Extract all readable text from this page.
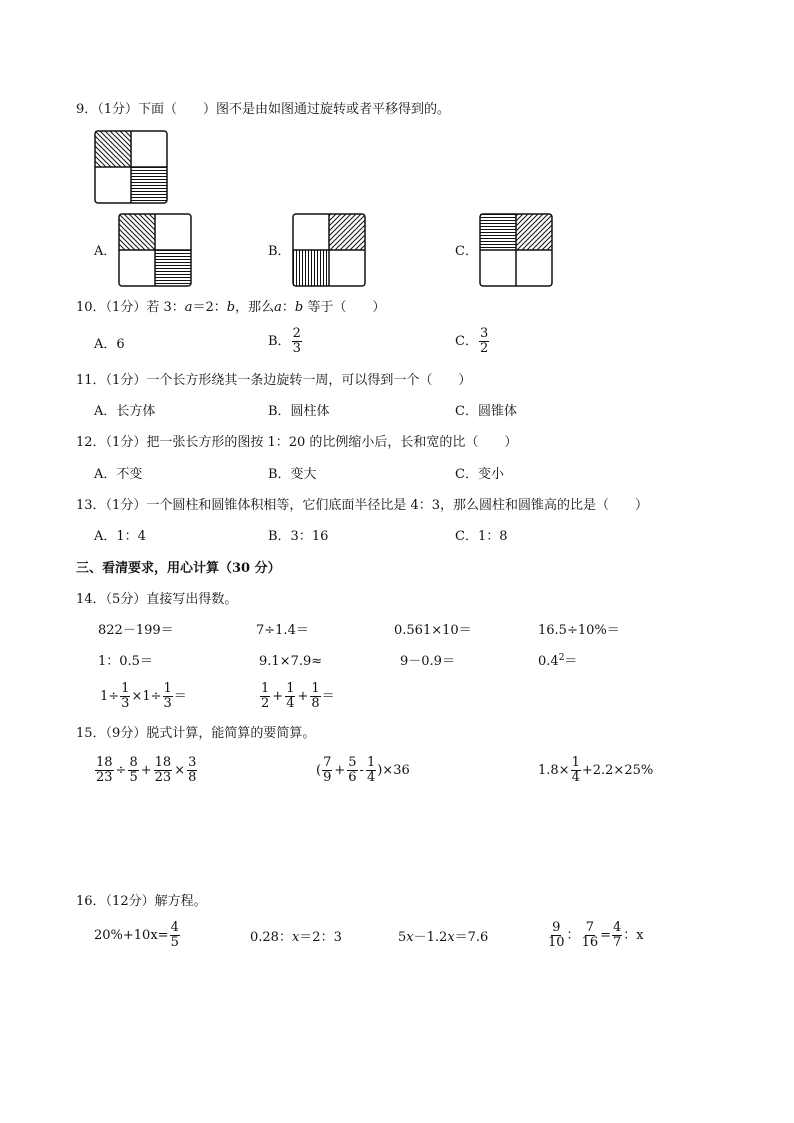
9．（1分）下面（　　）图不是由如图通过旋转或者平移得到的。
A．	B．	C．
10．（1分）若 3：a＝2：b，那么a：b 等于（　　）
A．6	B． $\frac{2}{3}$	C． $\frac{3}{2}$
11．（1分）一个长方形绕其一条边旋转一周，可以得到一个（　　）
A．长方体	B．圆柱体	C．圆锥体
12．（1分）把一张长方形的图按 1：20 的比例缩小后，长和宽的比（　　）
A．不变	B．变大	C．变小
13．（1分）一个圆柱和圆锥体积相等，它们底面半径比是 4：3，那么圆柱和圆锥高的比是（　　）
A．1：4	B．3：16	C．1：8
三、看清要求，用心计算（30 分）
14．（5分）直接写出得数。
822－199＝	7÷1.4＝	0.561×10＝	16.5÷10%＝
1：0.5＝	9.1×7.9≈	9－0.9＝	$0.4^2=$
$1\div \frac{1}{3} \times 1\div \frac{1}{3}$ ＝	$\frac{1}{2} + \frac{1}{4} + \frac{1}{8}$ ＝
15．（9分）脱式计算，能简算的要简算。
$\frac{18}{23} \div \frac{8}{5} + \frac{18}{23} \times \frac{3}{8}$	( $\frac{7}{9} + \frac{5}{6} - \frac{1}{4} )\times 36$	$1.8\times \frac{1}{4} +2.2\times 25\%$
16．（12分）解方程。
$20\%+10x= \frac{4}{5}$	0.28：x＝2：3	5x－1.2x＝7.6	$\frac{9}{10}$ ： $\frac{7}{16} = \frac{4}{7}$ ：x
